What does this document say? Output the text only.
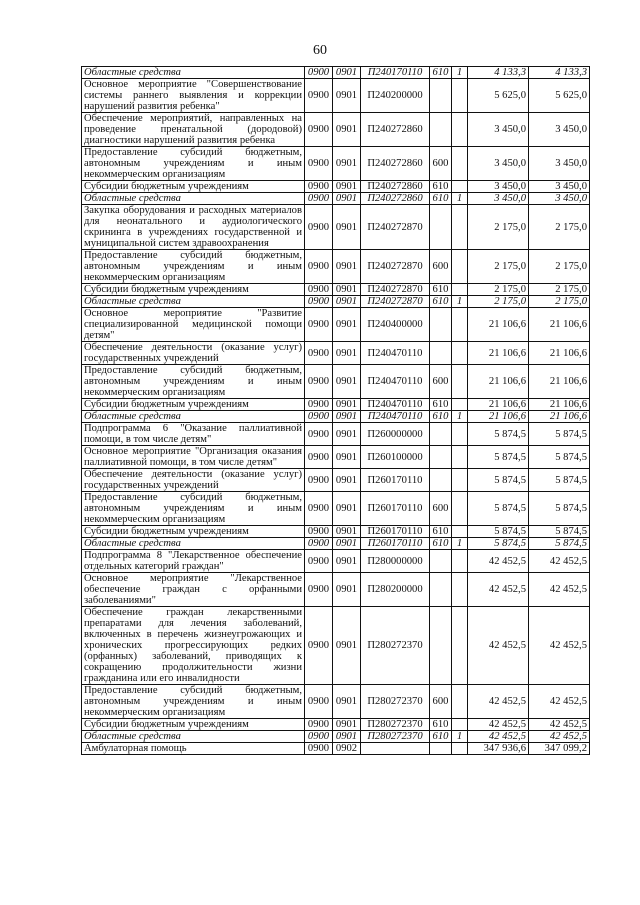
60
Областные средства	0900	0901	П240170110	610	1	4 133,3	4 133,3
Основное мероприятие "Совершенствование системы раннего выявления и коррекции нарушений развития ребенка"	0900	0901	П240200000			5 625,0	5 625,0
Обеспечение мероприятий, направленных на проведение пренатальной (дородовой) диагностики нарушений развития ребенка	0900	0901	П240272860			3 450,0	3 450,0
Предоставление субсидий бюджетным, автономным учреждениям и иным некоммерческим организациям	0900	0901	П240272860	600		3 450,0	3 450,0
Субсидии бюджетным учреждениям	0900	0901	П240272860	610		3 450,0	3 450,0
Областные средства	0900	0901	П240272860	610	1	3 450,0	3 450,0
Закупка оборудования и расходных материалов для неонатального и аудиологического скрининга в учреждениях государственной и муниципальной систем здравоохранения	0900	0901	П240272870			2 175,0	2 175,0
Предоставление субсидий бюджетным, автономным учреждениям и иным некоммерческим организациям	0900	0901	П240272870	600		2 175,0	2 175,0
Субсидии бюджетным учреждениям	0900	0901	П240272870	610		2 175,0	2 175,0
Областные средства	0900	0901	П240272870	610	1	2 175,0	2 175,0
Основное мероприятие "Развитие специализированной медицинской помощи детям"	0900	0901	П240400000			21 106,6	21 106,6
Обеспечение деятельности (оказание услуг) государственных учреждений	0900	0901	П240470110			21 106,6	21 106,6
Предоставление субсидий бюджетным, автономным учреждениям и иным некоммерческим организациям	0900	0901	П240470110	600		21 106,6	21 106,6
Субсидии бюджетным учреждениям	0900	0901	П240470110	610		21 106,6	21 106,6
Областные средства	0900	0901	П240470110	610	1	21 106,6	21 106,6
Подпрограмма 6 "Оказание паллиативной помощи, в том числе детям"	0900	0901	П260000000			5 874,5	5 874,5
Основное мероприятие "Организация оказания паллиативной помощи, в том числе детям"	0900	0901	П260100000			5 874,5	5 874,5
Обеспечение деятельности (оказание услуг) государственных учреждений	0900	0901	П260170110			5 874,5	5 874,5
Предоставление субсидий бюджетным, автономным учреждениям и иным некоммерческим организациям	0900	0901	П260170110	600		5 874,5	5 874,5
Субсидии бюджетным учреждениям	0900	0901	П260170110	610		5 874,5	5 874,5
Областные средства	0900	0901	П260170110	610	1	5 874,5	5 874,5
Подпрограмма 8 "Лекарственное обеспечение отдельных категорий граждан"	0900	0901	П280000000			42 452,5	42 452,5
Основное мероприятие "Лекарственное обеспечение граждан с орфанными заболеваниями"	0900	0901	П280200000			42 452,5	42 452,5
Обеспечение граждан лекарственными препаратами для лечения заболеваний, включенных в перечень жизнеугрожающих и хронических прогрессирующих редких (орфанных) заболеваний, приводящих к сокращению продолжительности жизни гражданина или его инвалидности	0900	0901	П280272370			42 452,5	42 452,5
Предоставление субсидий бюджетным, автономным учреждениям и иным некоммерческим организациям	0900	0901	П280272370	600		42 452,5	42 452,5
Субсидии бюджетным учреждениям	0900	0901	П280272370	610		42 452,5	42 452,5
Областные средства	0900	0901	П280272370	610	1	42 452,5	42 452,5
Амбулаторная помощь	0900	0902				347 936,6	347 099,2
